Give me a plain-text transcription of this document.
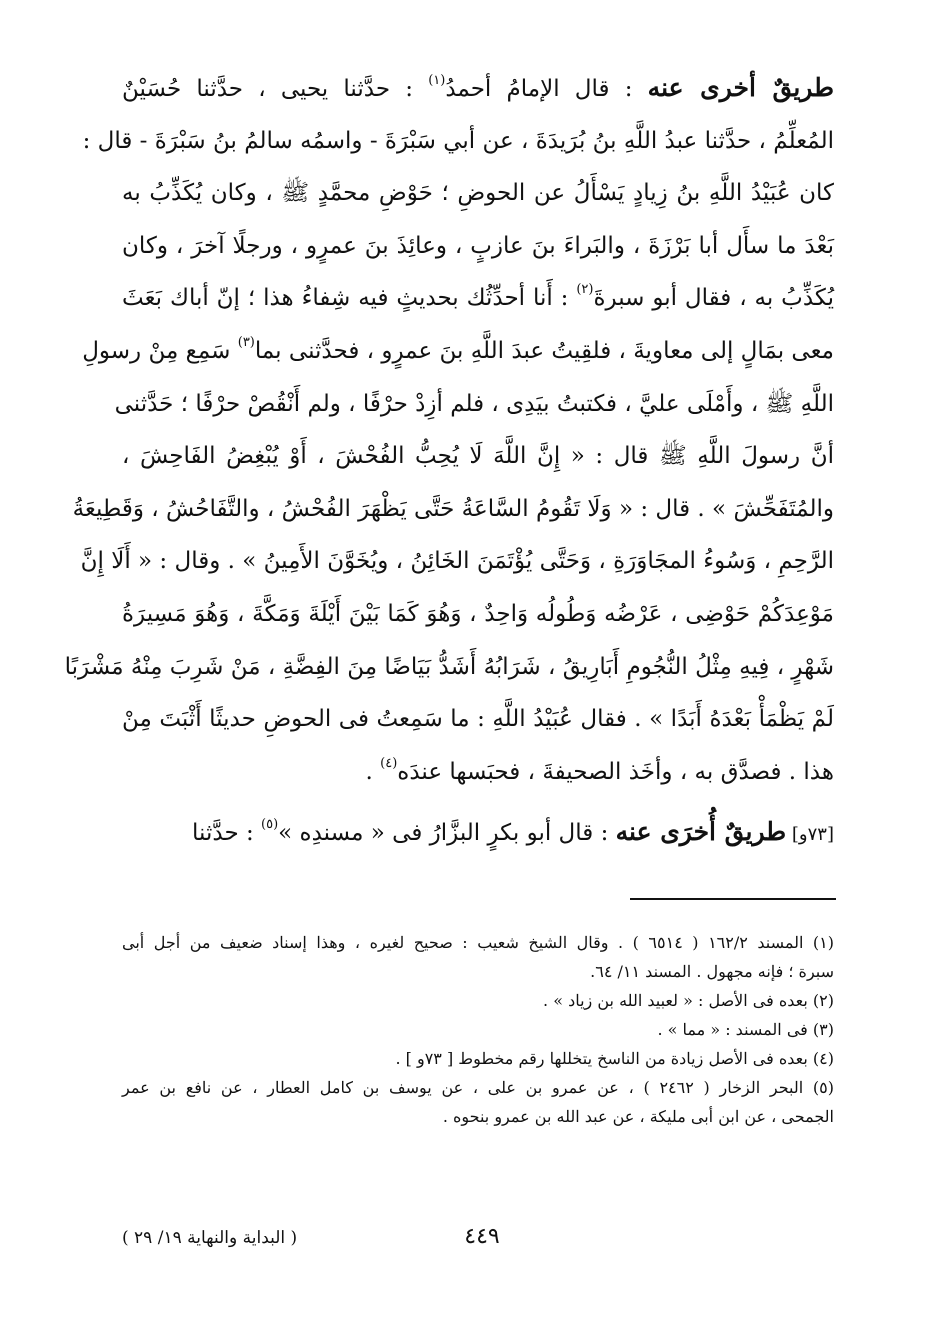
طريقٌ أخرى عنه : قال الإمامُ أحمدُ$^{(١)}$ : حدَّثنا يحيى ، حدَّثنا حُسَيْنٌ
المُعلِّمُ ، حدَّثنا عبدُ اللَّهِ بنُ بُرَيدَةَ ، عن أبي سَبْرَةَ - واسمُه سالمُ بنُ سَبْرَةَ - قال :
كان عُبَيْدُ اللَّهِ بنُ زِيادٍ يَسْأَلُ عن الحوضِ ؛ حَوْضِ محمَّدٍ ﷺ ، وكان يُكَذِّبُ به
بَعْدَ ما سأَل أبا بَرْزَةَ ، والبَراءَ بنَ عازبٍ ، وعائِذَ بنَ عمرٍو ، ورجلًا آخرَ ، وكان
يُكَذِّبُ به ، فقال أبو سبرةَ$^{(٢)}$ : أَنا أحدِّثُك بحديثٍ فيه شِفاءُ هذا ؛ إنّ أباك بَعَثَ
معى بمَالٍ إلى معاويةَ ، فلقِيتُ عبدَ اللَّهِ بنَ عمرٍو ، فحدَّثنى بما$^{(٣)}$ سَمِع مِنْ رسولِ
اللَّهِ ﷺ ، وأَمْلَى عليَّ ، فكتبتُ بيَدِى ، فلم أزِدْ حرْفًا ، ولم أَنْقُصْ حرْفًا ؛ حَدَّثنى
أنَّ رسولَ اللَّهِ ﷺ قال : « إِنَّ اللَّهَ لَا يُحِبُّ الفُحْشَ ، أَوْ يُبْغِضُ الفَاحِشَ ،
والمُتَفَحِّشَ » . قال : « وَلَا تَقُومُ السَّاعَةُ حَتَّى يَظْهَرَ الفُحْشُ ، والتَّفَاحُشُ ، وَقَطِيعَةُ
الرَّحِمِ ، وَسُوءُ المجَاوَرَةِ ، وَحَتَّى يُؤْتَمَنَ الخَائِنُ ، ويُخَوَّنَ الأَمِينُ » . وقال : « أَلَا إِنَّ
مَوْعِدَكُمْ حَوْضِى ، عَرْضُه وَطُولُه وَاحِدٌ ، وَهُوَ كَمَا بَيْنَ أَيْلَةَ وَمَكَّةَ ، وَهُوَ مَسِيرَةُ
شَهْرٍ ، فِيهِ مِثْلُ النُّجُومِ أَبَارِيقُ ، شَرَابُهُ أَشَدُّ بَيَاضًا مِنَ الفِضَّةِ ، مَنْ شَرِبَ مِنْهُ مَشْرَبًا
لَمْ يَظْمَأْ بَعْدَهُ أَبَدًا » . فقال عُبَيْدُ اللَّهِ : ما سَمِعتُ فى الحوضِ حديثًا أَثْبَتَ مِنْ
هذا . فصدَّق به ، وأخَذ الصحيفةَ ، فحبَسها عندَه$^{(٤)}$ .
[٧٣و] طريقٌ أُخرَى عنه : قال أبو بكرٍ البزَّارُ فى « مسندِه »$^{(٥)}$ : حدَّثنا
(١) المسند ١٦٢/٢ ( ٦٥١٤ ) . وقال الشيخ شعيب : صحيح لغيره ، وهذا إسناد ضعيف من أجل أبى
سبرة ؛ فإنه مجهول . المسند ١١/ ٦٤.
(٢) بعده فى الأصل : « لعبيد الله بن زياد » .
(٣) فى المسند : « مما » .
(٤) بعده فى الأصل زيادة من الناسخ يتخللها رقم مخطوط [ ٧٣و ] .
(٥) البحر الزخار ( ٢٤٦٢ ) ، عن عمرو بن على ، عن يوسف بن كامل العطار ، عن نافع بن عمر
الجمحى ، عن ابن أبى مليكة ، عن عبد الله بن عمرو بنحوه .
( البداية والنهاية ١٩/ ٢٩ )	٤٤٩
